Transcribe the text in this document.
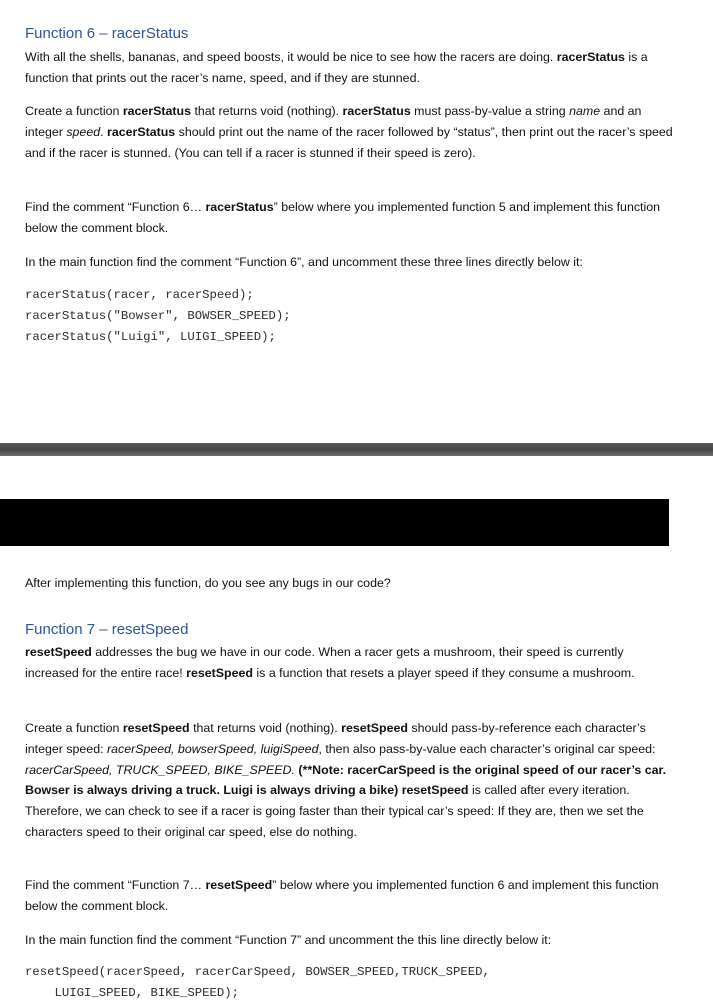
Function 6 – racerStatus

With all the shells, bananas, and speed boosts, it would be nice to see how the racers are doing. racerStatus is a function that prints out the racer’s name, speed, and if they are stunned.

Create a function racerStatus that returns void (nothing). racerStatus must pass-by-value a string name and an integer speed. racerStatus should print out the name of the racer followed by “status”, then print out the racer’s speed and if the racer is stunned. (You can tell if a racer is stunned if their speed is zero).

Find the comment “Function 6… racerStatus” below where you implemented function 5 and implement this function below the comment block.

In the main function find the comment “Function 6”, and uncomment these three lines directly below it:

racerStatus(racer, racerSpeed);
racerStatus("Bowser", BOWSER_SPEED);
racerStatus("Luigi", LUIGI_SPEED);

After implementing this function, do you see any bugs in our code?

Function 7 – resetSpeed

resetSpeed addresses the bug we have in our code. When a racer gets a mushroom, their speed is currently increased for the entire race! resetSpeed is a function that resets a player speed if they consume a mushroom.

Create a function resetSpeed that returns void (nothing). resetSpeed should pass-by-reference each character’s integer speed: racerSpeed, bowserSpeed, luigiSpeed, then also pass-by-value each character’s original car speed: racerCarSpeed, TRUCK_SPEED, BIKE_SPEED. (**Note: racerCarSpeed is the original speed of our racer’s car. Bowser is always driving a truck. Luigi is always driving a bike) resetSpeed is called after every iteration. Therefore, we can check to see if a racer is going faster than their typical car’s speed: If they are, then we set the characters speed to their original car speed, else do nothing.

Find the comment “Function 7… resetSpeed” below where you implemented function 6 and implement this function below the comment block.

In the main function find the comment “Function 7” and uncomment the this line directly below it:

resetSpeed(racerSpeed, racerCarSpeed, BOWSER_SPEED,TRUCK_SPEED,
LUIGI_SPEED, BIKE_SPEED);
